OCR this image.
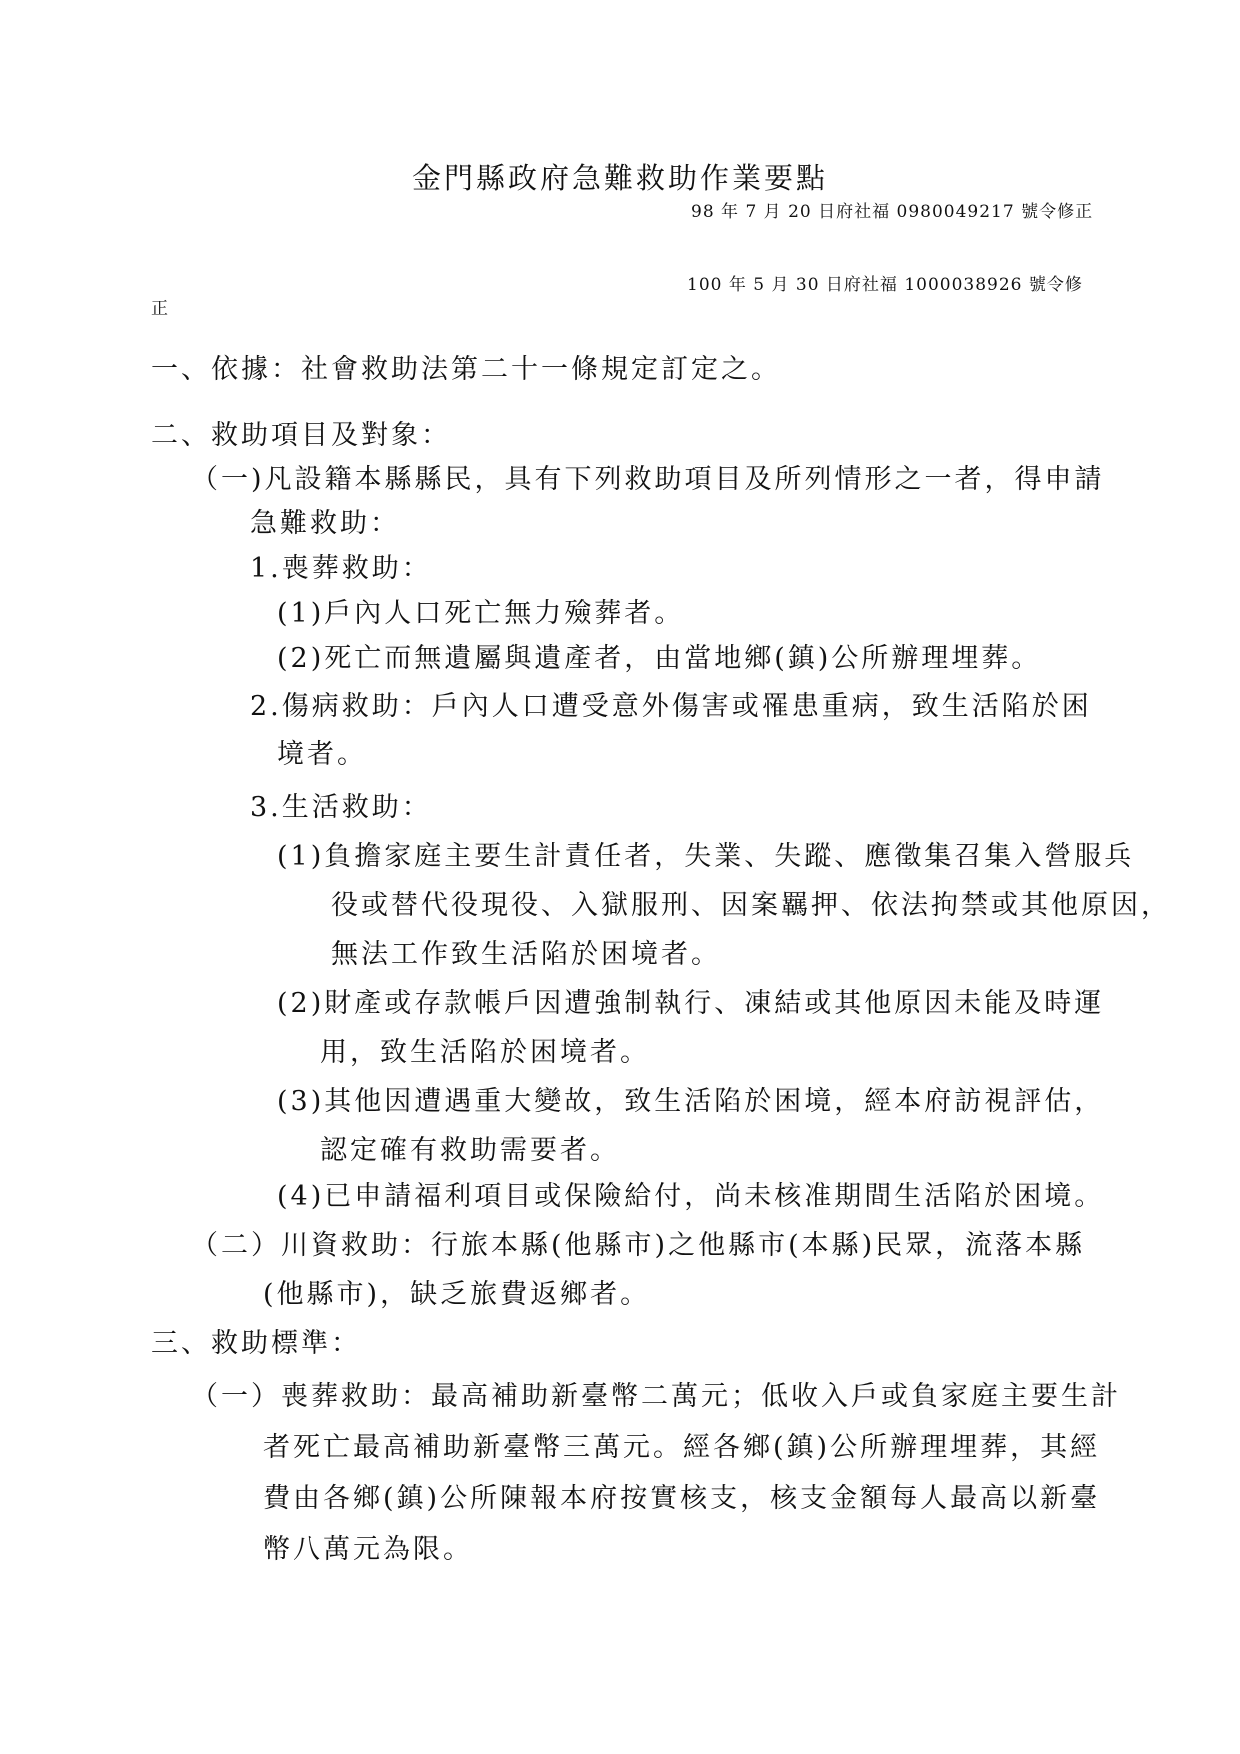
金門縣政府急難救助作業要點
98 年 7 月 20 日府社福 0980049217 號令修正
100 年 5 月 30 日府社福 1000038926 號令修
正
一、依據：社會救助法第二十一條規定訂定之。
二、救助項目及對象：
（一)凡設籍本縣縣民，具有下列救助項目及所列情形之一者，得申請
急難救助：
1.喪葬救助：
(1)戶內人口死亡無力殮葬者。
(2)死亡而無遺屬與遺產者，由當地鄉(鎮)公所辦理埋葬。
2.傷病救助：戶內人口遭受意外傷害或罹患重病，致生活陷於困
境者。
3.生活救助：
(1)負擔家庭主要生計責任者，失業、失蹤、應徵集召集入營服兵
役或替代役現役、入獄服刑、因案羈押、依法拘禁或其他原因，
無法工作致生活陷於困境者。
(2)財產或存款帳戶因遭強制執行、凍結或其他原因未能及時運
用，致生活陷於困境者。
(3)其他因遭遇重大變故，致生活陷於困境，經本府訪視評估，
認定確有救助需要者。
(4)已申請福利項目或保險給付，尚未核准期間生活陷於困境。
（二）川資救助：行旅本縣(他縣市)之他縣市(本縣)民眾，流落本縣
(他縣市)，缺乏旅費返鄉者。
三、救助標準：
（一）喪葬救助：最高補助新臺幣二萬元；低收入戶或負家庭主要生計
者死亡最高補助新臺幣三萬元。經各鄉(鎮)公所辦理埋葬，其經
費由各鄉(鎮)公所陳報本府按實核支，核支金額每人最高以新臺
幣八萬元為限。
